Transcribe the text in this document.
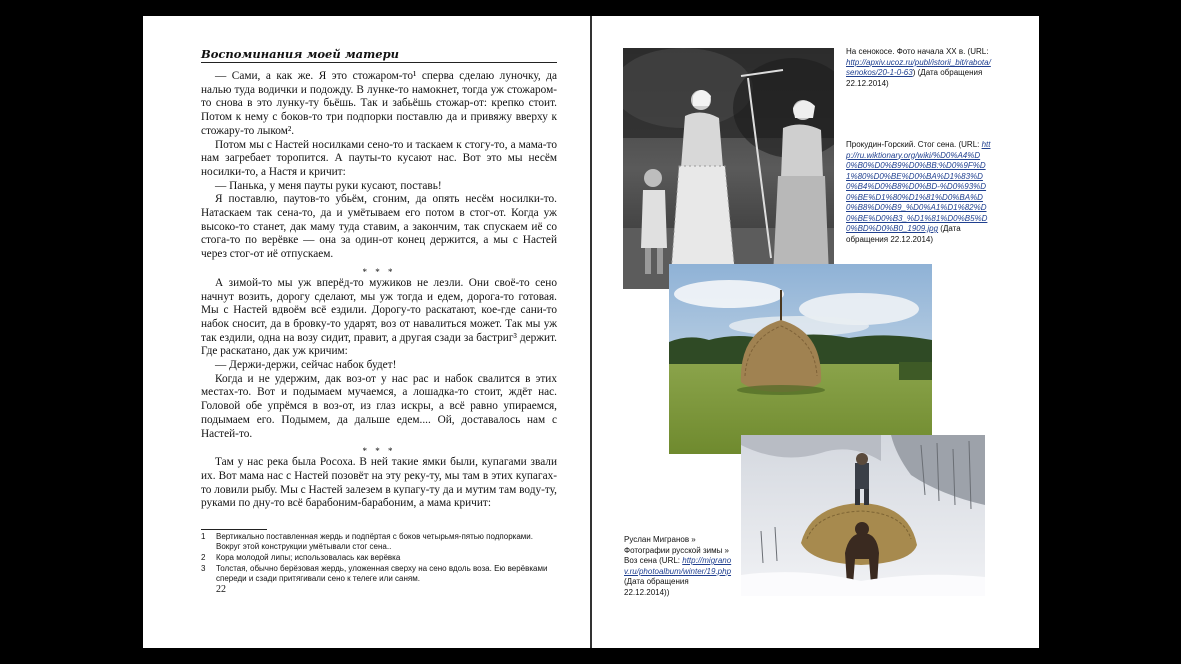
Воспоминания моей матери

— Сами, а как же. Я это стожаром-то¹ сперва сделаю луночку, да налью туда водички и подожду. В лунке-то намокнет, тогда уж стожаром-то снова в это лунку-ту бьёшь. Так и забьёшь стожар-от: крепко стоит. Потом к нему с боков-то три подпорки поставлю да и привяжу вверху к стожару-то лыком².

Потом мы с Настей носилками сено-то и таскаем к стогу-то, а мама-то нам загребает торопится. А пауты-то кусают нас. Вот это мы несём носилки-то, а Настя и кричит:

— Панька, у меня пауты руки кусают, поставь!

Я поставлю, паутов-то убьём, сгоним, да опять несём носилки-то. Натаскаем так сена-то, да и умётываем его потом в стог-от. Когда уж высоко-то станет, дак маму туда ставим, а закончим, так спускаем иё со стога-то по верёвке — она за один-от конец держится, а мы с Настей через стог-от иё отпускаем.

* * *

А зимой-то мы уж вперёд-то мужиков не лезли. Они своё-то сено начнут возить, дорогу сделают, мы уж тогда и едем, дорога-то готовая. Мы с Настей вдвоём всё ездили. Дорогу-то раскатают, кое-где сани-то набок сносит, да в бровку-то ударят, воз от навалиться может. Так мы уж так ездили, одна на возу сидит, правит, а другая сзади за бастриг³ держит. Где раскатано, дак уж кричим:

— Держи-держи, сейчас набок будет!

Когда и не удержим, дак воз-от у нас рас и набок свалится в этих местах-то. Вот и подымаем мучаемся, а лошадка-то стоит, ждёт нас. Головой обе упрёмся в воз-от, из глаз искры, а всё равно упираемся, подымаем его. Подымем, да дальше едем.... Ой, доставалось нам с Настей-то.

* * *

Там у нас река была Росоха. В ней такие ямки были, купагами звали их. Вот мама нас с Настей позовёт на эту реку-ту, мы там в этих купагах-то ловили рыбу. Мы с Настей залезем в купагу-ту да и мутим там воду-ту, руками по дну-то всё барабоним-барабоним, а мама кричит:

1	Вертикально поставленная жердь и подпёртая с боков четырьмя-пятью подпорками. Вокруг этой конструкции умётывали стог сена..
2	Кора молодой липы; использовалась как верёвка
3	Толстая, обычно берёзовая жердь, уложенная сверху на сено вдоль воза. Ею верёвками спереди и сзади притягивали сено к телеге или саням.
22
На сенокосе. Фото начала XX в. (URL: http://apxiv.ucoz.ru/publ/istorii_bit/rabota/senokos/20-1-0-63) (Дата обращения 22.12.2014)
Прокудин-Горский. Стог сена. (URL: http://ru.wiktionary.org/wiki/%D0%A4%D0%B0%D0%B9%D0%BB:%D0%9F%D1%80%D0%BE%D0%BA%D1%83%D0%B4%D0%B8%D0%BD-%D0%93%D0%BE%D1%80%D1%81%D0%BA%D0%B8%D0%B9_%D0%A1%D1%82%D0%BE%D0%B3_%D1%81%D0%B5%D0%BD%D0%B0_1909.jpg (Дата обращения 22.12.2014)
Руслан Мигранов » Фотографии русской зимы » Воз сена (URL: http://migranov.ru/photoalbum/winter/19.php (Дата обращения 22.12.2014))
